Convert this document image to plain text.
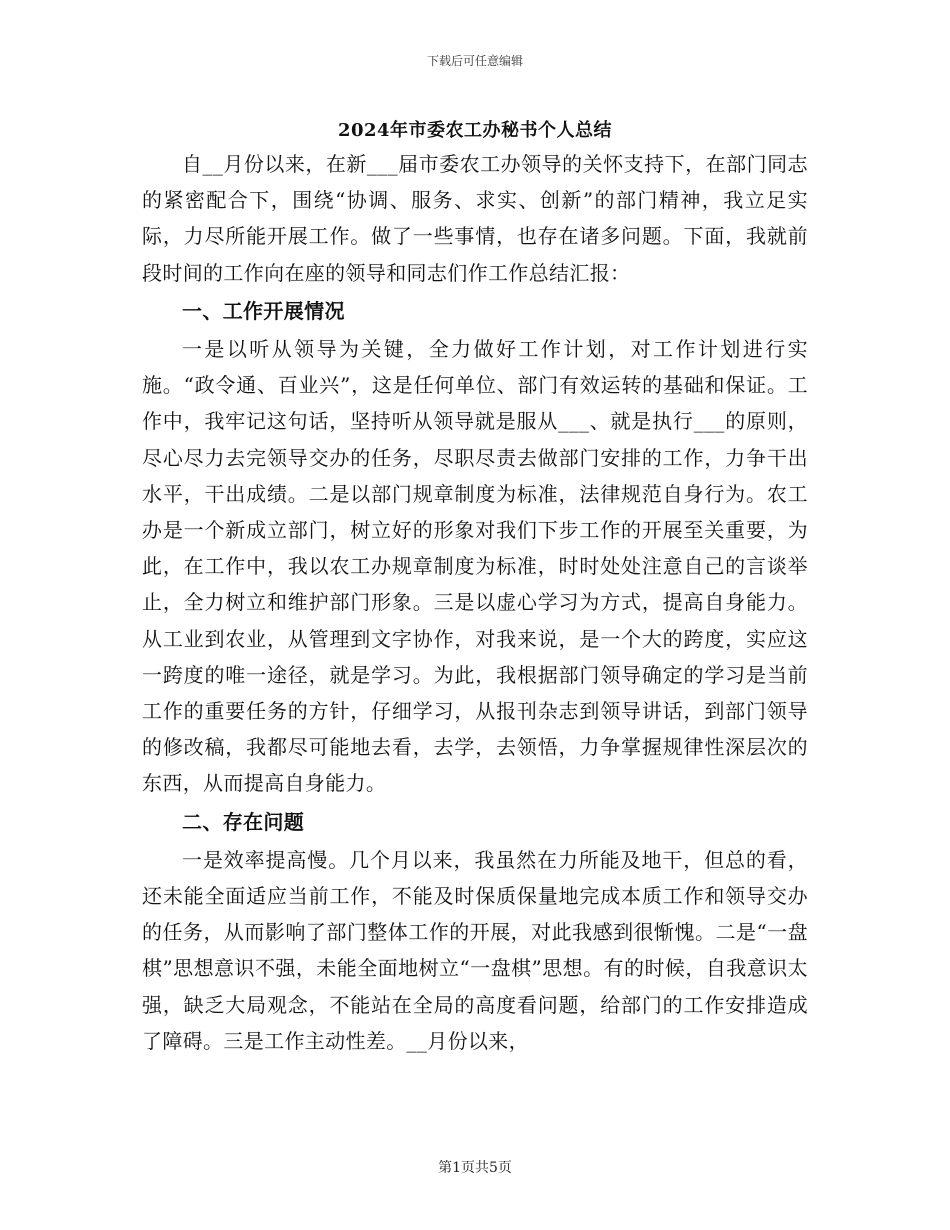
下载后可任意编辑
2024年市委农工办秘书个人总结

自__月份以来，在新___届市委农工办领导的关怀支持下，在部门同志的紧密配合下，围绕“协调、服务、求实、创新”的部门精神，我立足实际，力尽所能开展工作。做了一些事情，也存在诸多问题。下面，我就前段时间的工作向在座的领导和同志们作工作总结汇报：

一、工作开展情况

一是以听从领导为关键，全力做好工作计划，对工作计划进行实施。“政令通、百业兴”，这是任何单位、部门有效运转的基础和保证。工作中，我牢记这句话，坚持听从领导就是服从___、就是执行___的原则，尽心尽力去完领导交办的任务，尽职尽责去做部门安排的工作，力争干出水平，干出成绩。二是以部门规章制度为标准，法律规范自身行为。农工办是一个新成立部门，树立好的形象对我们下步工作的开展至关重要，为此，在工作中，我以农工办规章制度为标准，时时处处注意自己的言谈举止，全力树立和维护部门形象。三是以虚心学习为方式，提高自身能力。从工业到农业，从管理到文字协作，对我来说，是一个大的跨度，实应这一跨度的唯一途径，就是学习。为此，我根据部门领导确定的学习是当前工作的重要任务的方针，仔细学习，从报刊杂志到领导讲话，到部门领导的修改稿，我都尽可能地去看，去学，去领悟，力争掌握规律性深层次的东西，从而提高自身能力。

二、存在问题

一是效率提高慢。几个月以来，我虽然在力所能及地干，但总的看，还未能全面适应当前工作，不能及时保质保量地完成本质工作和领导交办的任务，从而影响了部门整体工作的开展，对此我感到很惭愧。二是“一盘棋”思想意识不强，未能全面地树立“一盘棋”思想。有的时候，自我意识太强，缺乏大局观念，不能站在全局的高度看问题，给部门的工作安排造成了障碍。三是工作主动性差。__月份以来，

第1页共5页
